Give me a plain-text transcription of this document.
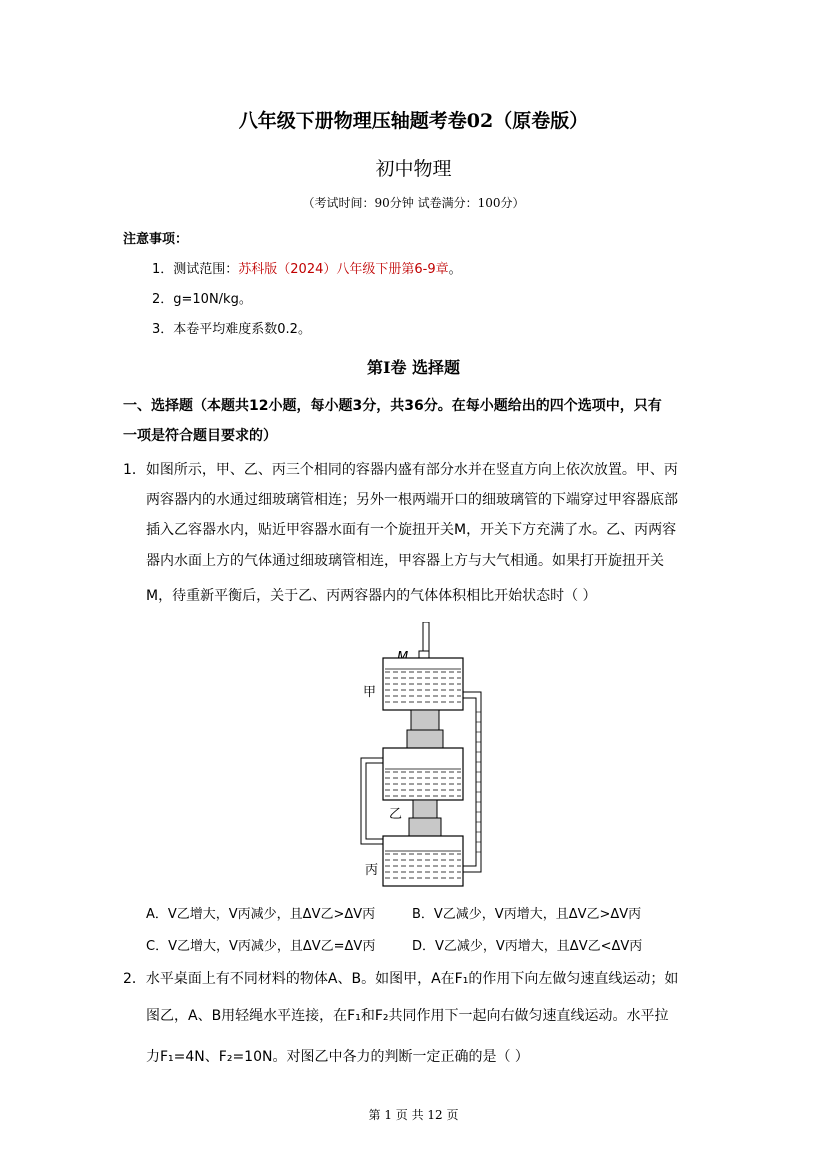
八年级下册物理压轴题考卷02（原卷版）
初中物理
（考试时间：90分钟 试卷满分：100分）
注意事项：
1．测试范围：苏科版（2024）八年级下册第6-9章。
2．g=10N/kg。
3．本卷平均难度系数0.2。
第Ⅰ卷 选择题
一、选择题（本题共12小题，每小题3分，共36分。在每小题给出的四个选项中，只有
一项是符合题目要求的）
1．如图所示，甲、乙、丙三个相同的容器内盛有部分水并在竖直方向上依次放置。甲、丙
两容器内的水通过细玻璃管相连；另外一根两端开口的细玻璃管的下端穿过甲容器底部
插入乙容器水内，贴近甲容器水面有一个旋扭开关M，开关下方充满了水。乙、丙两容
器内水面上方的气体通过细玻璃管相连，甲容器上方与大气相通。如果打开旋扭开关
M，待重新平衡后，关于乙、丙两容器内的气体体积相比开始状态时（ ）
甲
乙
丙
A．V乙增大，V丙减少，且ΔV乙>ΔV丙	B．V乙减少，V丙增大，且ΔV乙>ΔV丙
C．V乙增大，V丙减少，且ΔV乙=ΔV丙	D．V乙减少，V丙增大，且ΔV乙<ΔV丙
2．水平桌面上有不同材料的物体A、B。如图甲，A在F₁的作用下向左做匀速直线运动；如
图乙，A、B用轻绳水平连接，在F₁和F₂共同作用下一起向右做匀速直线运动。水平拉
力F₁=4N、F₂=10N。对图乙中各力的判断一定正确的是（ ）
第 1 页 共 12 页
